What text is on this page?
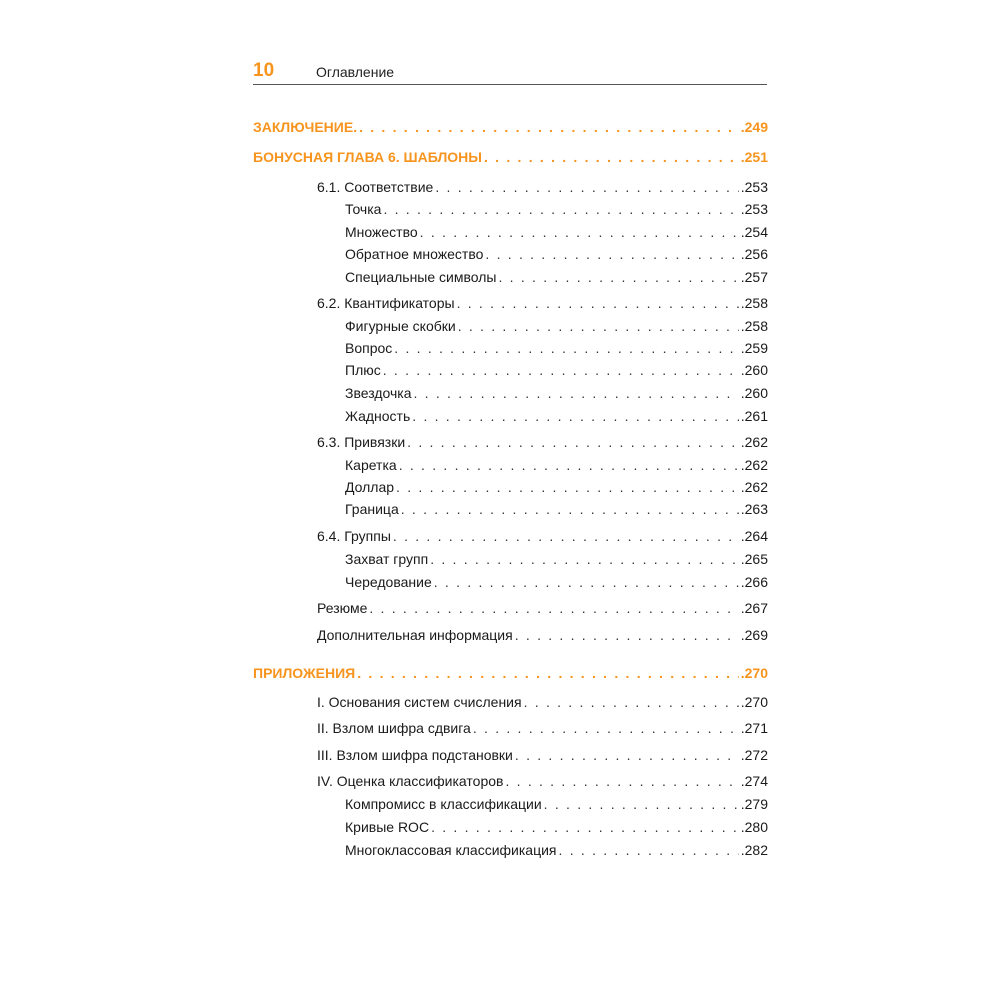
10	Оглавление
ЗАКЛЮЧЕНИЕ. . . .	.249
БОНУСНАЯ ГЛАВА 6. ШАБЛОНЫ . . .	.251
6.1. Соответствие . . .	.253
Точка . . .	.253
Множество . . .	.254
Обратное множество . . .	.256
Специальные символы . . .	.257
6.2. Квантификаторы . . .	.258
Фигурные скобки . . .	.258
Вопрос . . .	.259
Плюс . . .	.260
Звездочка . . .	.260
Жадность . . .	.261
6.3. Привязки . . .	.262
Каретка . . .	.262
Доллар . . .	.262
Граница . . .	.263
6.4. Группы . . .	.264
Захват групп . . .	.265
Чередование . . .	.266
Резюме . . .	.267
Дополнительная информация . . .	.269
ПРИЛОЖЕНИЯ . . .	.270
I. Основания систем счисления . . .	.270
II. Взлом шифра сдвига . . .	.271
III. Взлом шифра подстановки . . .	.272
IV. Оценка классификаторов . . .	.274
Компромисс в классификации . . .	.279
Кривые ROC . . .	.280
Многоклассовая классификация . . .	.282
